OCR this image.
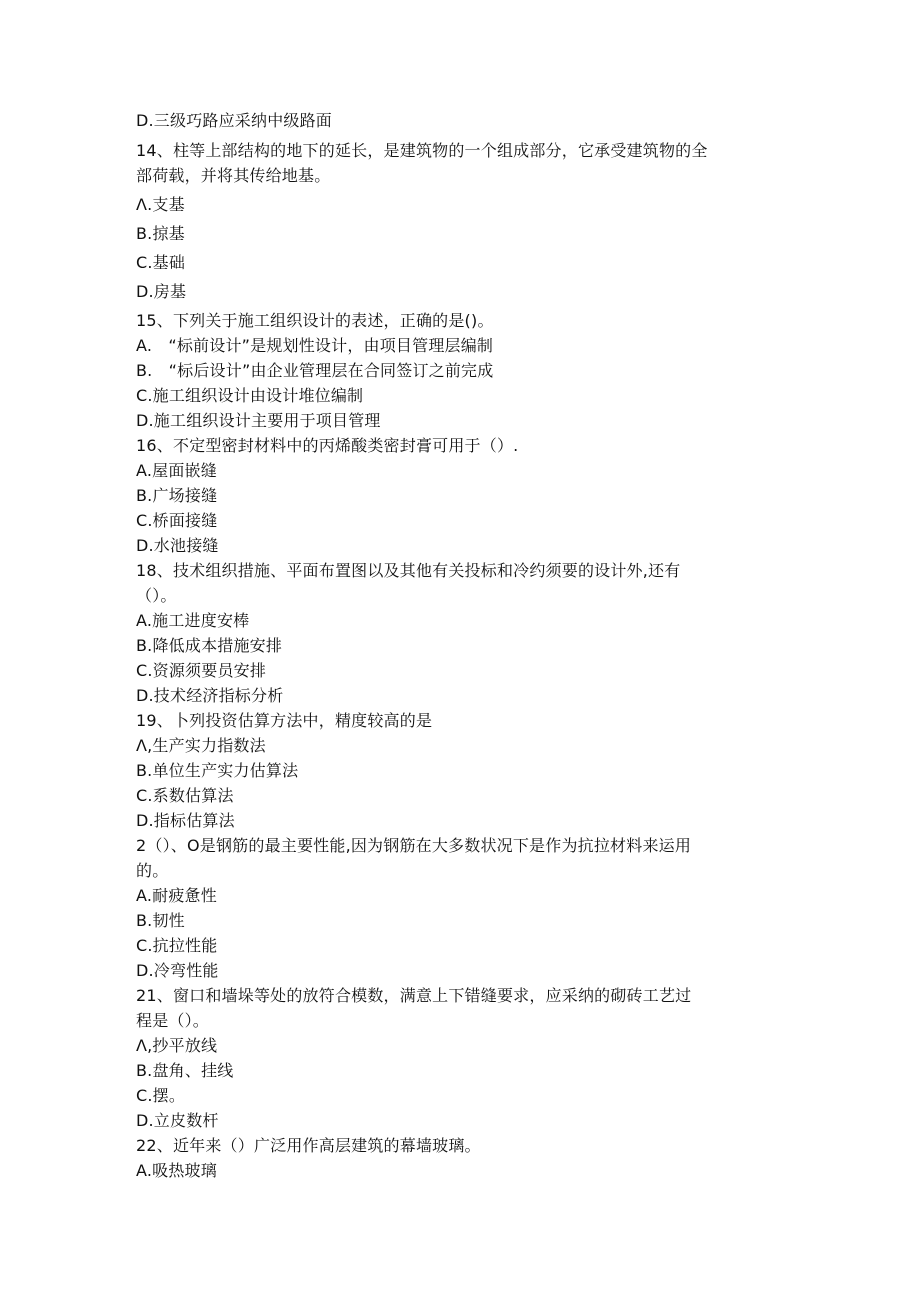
D.三级巧路应采纳中级路面
14、柱等上部结构的地下的延长，是建筑物的一个组成部分，它承受建筑物的全
部荷载，并将其传给地基。
Λ.支基
B.掠基
C.基础
D.房基
15、下列关于施工组织设计的表述，正确的是()。
A.　“标前设计”是规划性设计，由项目管理层编制
B.　“标后设计”由企业管理层在合同签订之前完成
C.施工组织设计由设计堆位编制
D.施工组织设计主要用于项目管理
16、不定型密封材料中的丙烯酸类密封膏可用于（）.
A.屋面嵌缝
B.广场接缝
C.桥面接缝
D.水池接缝
18、技术组织措施、平面布置图以及其他有关投标和冷约须要的设计外,还有
（）。
A.施工进度安棒
B.降低成本措施安排
C.资源须要员安排
D.技术经济指标分析
19、卜列投资估算方法中，精度较高的是
Λ,生产实力指数法
B.单位生产实力估算法
C.系数估算法
D.指标估算法
2（）、O是钢筋的最主要性能,因为钢筋在大多数状况下是作为抗拉材料来运用
的。
A.耐疲惫性
B.韧性
C.抗拉性能
D.冷弯性能
21、窗口和墙垛等处的放符合模数，满意上下错缝要求，应采纳的砌砖工艺过
程是（）。
Λ,抄平放线
B.盘角、挂线
C.摆。
D.立皮数杆
22、近年来（）广泛用作高层建筑的幕墙玻璃。
A.吸热玻璃
